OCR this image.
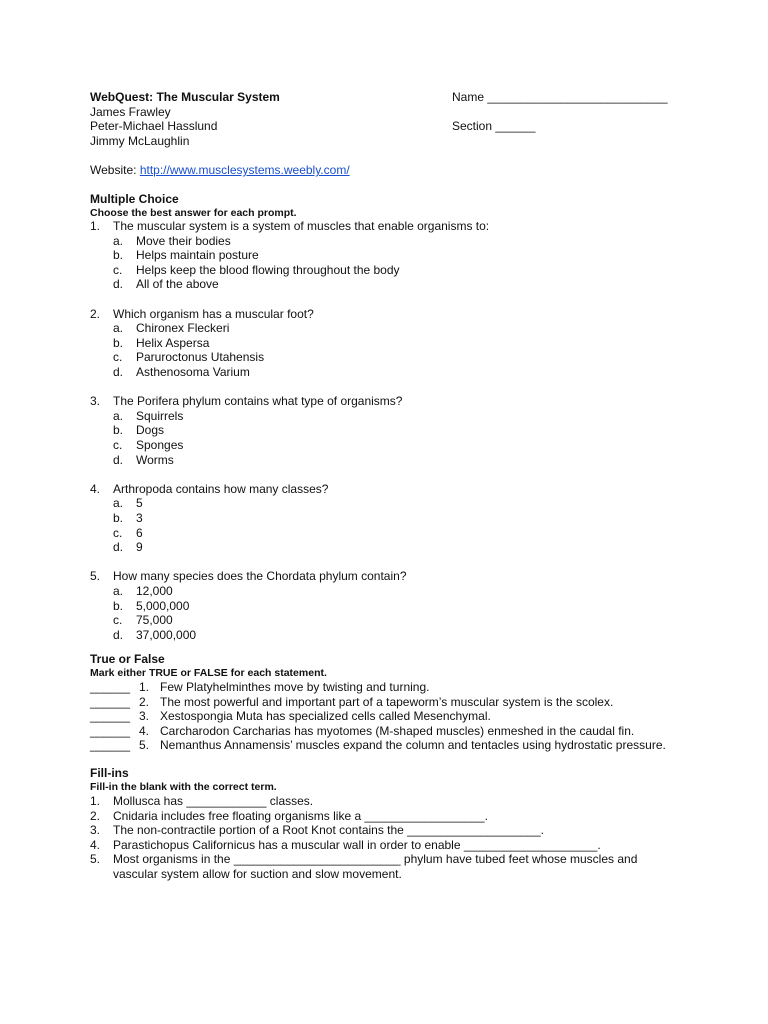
WebQuest: The Muscular System
James Frawley
Peter-Michael Hasslund
Jimmy McLaughlin
Name ___________________________
Section ______
Website: http://www.musclesystems.weebly.com/
Multiple Choice
Choose the best answer for each prompt.
1. The muscular system is a system of muscles that enable organisms to:
a. Move their bodies
b. Helps maintain posture
c. Helps keep the blood flowing throughout the body
d. All of the above
2. Which organism has a muscular foot?
a. Chironex Fleckeri
b. Helix Aspersa
c. Paruroctonus Utahensis
d. Asthenosoma Varium
3. The Porifera phylum contains what type of organisms?
a. Squirrels
b. Dogs
c. Sponges
d. Worms
4. Arthropoda contains how many classes?
a. 5
b. 3
c. 6
d. 9
5. How many species does the Chordata phylum contain?
a. 12,000
b. 5,000,000
c. 75,000
d. 37,000,000
True or False
Mark either TRUE or FALSE for each statement.
______ 1. Few Platyhelminthes move by twisting and turning.
______ 2. The most powerful and important part of a tapeworm’s muscular system is the scolex.
______ 3. Xestospongia Muta has specialized cells called Mesenchymal.
______ 4. Carcharodon Carcharias has myotomes (M-shaped muscles) enmeshed in the caudal fin.
______ 5. Nemanthus Annamensis’ muscles expand the column and tentacles using hydrostatic pressure.
Fill-ins
Fill-in the blank with the correct term.
1. Mollusca has ____________ classes.
2. Cnidaria includes free floating organisms like a __________________.
3. The non-contractile portion of a Root Knot contains the ____________________.
4. Parastichopus Californicus has a muscular wall in order to enable ____________________.
5. Most organisms in the _________________________ phylum have tubed feet whose muscles and
vascular system allow for suction and slow movement.
